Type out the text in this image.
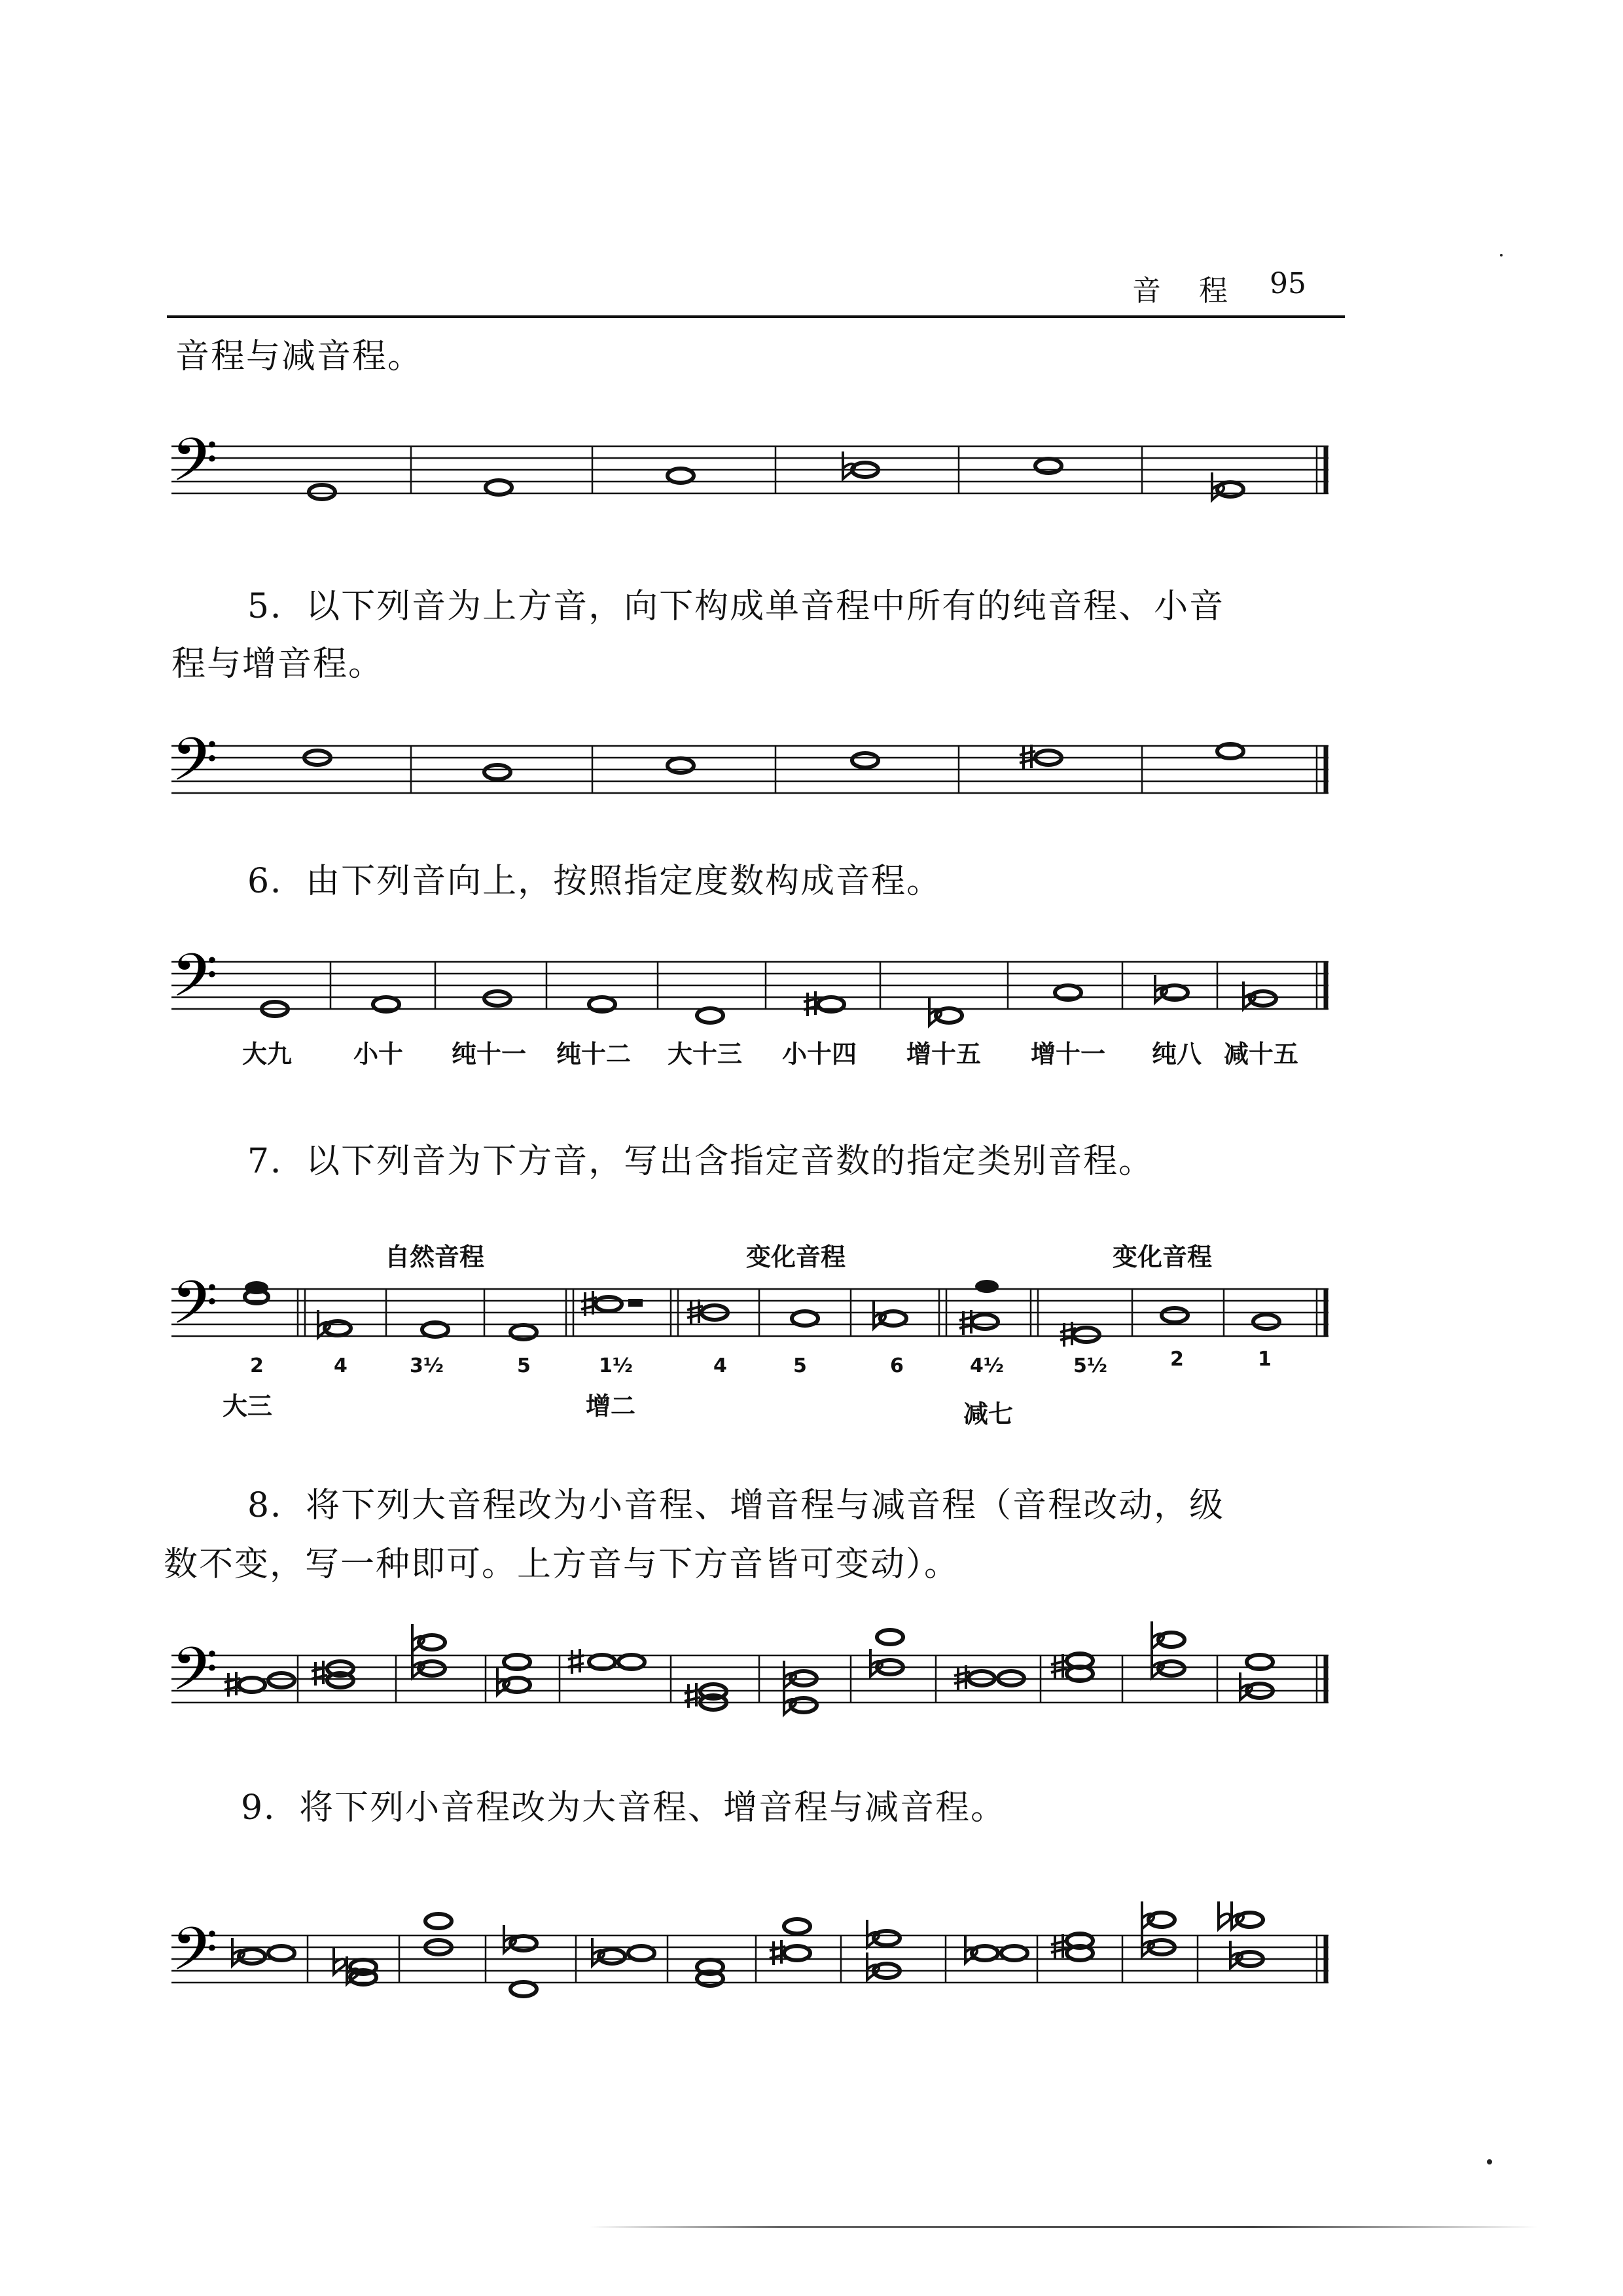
音 程 95
音程与减音程。
5．以下列音为上方音，向下构成单音程中所有的纯音程、小音
程与增音程。
6．由下列音向上，按照指定度数构成音程。
大九 小十 纯十一 纯十二 大十三 小十四 增十五 增十一 纯八 减十五
7．以下列音为下方音，写出含指定音数的指定类别音程。
自然音程	变化音程	变化音程
2	4	3½	5	1½	4	5	6	4½	5½	2	1
大三	增二	减七
8．将下列大音程改为小音程、增音程与减音程（音程改动，级
数不变，写一种即可。上方音与下方音皆可变动）。
9．将下列小音程改为大音程、增音程与减音程。
𝄢
𝄢
𝄢
𝄢
𝄢
𝄢
